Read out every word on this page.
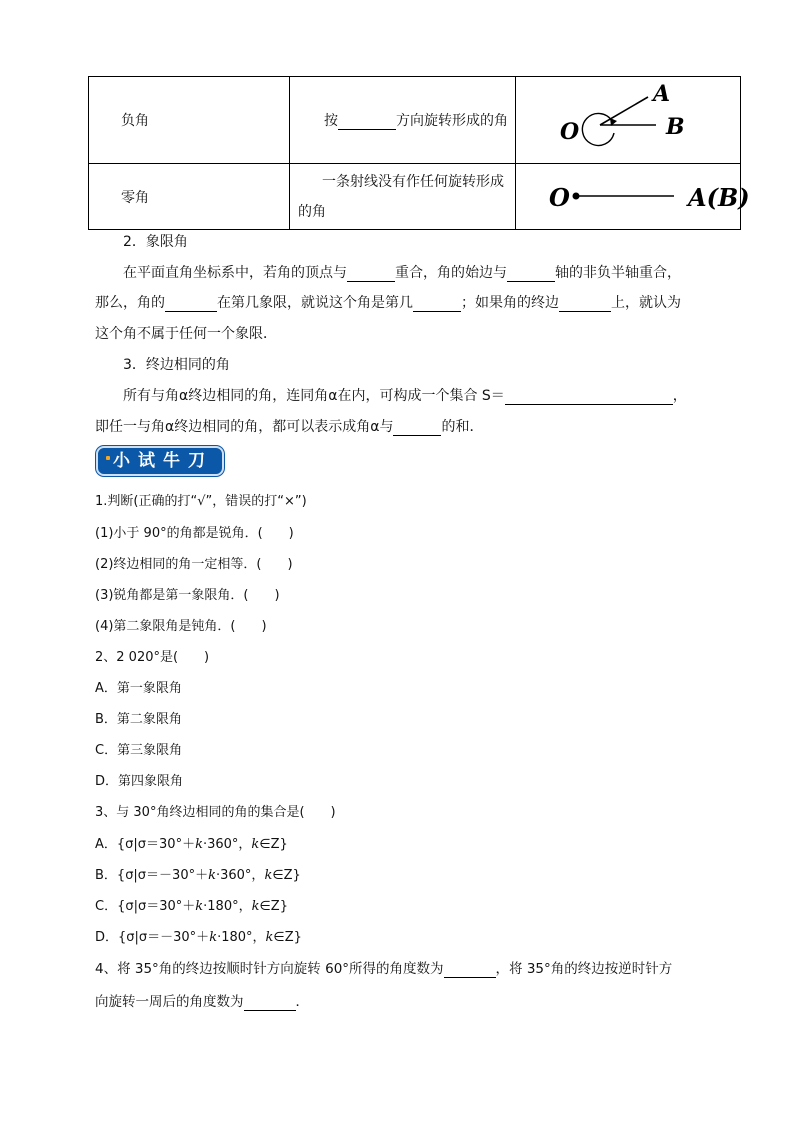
负角	按 方向旋转形成的角	O
A
B

零角	一条射线没有作任何旋转形成的角	O A(B)
2．象限角
在平面直角坐标系中，若角的顶点与	重合，角的始边与	轴的非负半轴重合，
那么，角的	在第几象限，就说这个角是第几	；如果角的终边	上，就认为
这个角不属于任何一个象限．
3．终边相同的角
所有与角α终边相同的角，连同角α在内，可构成一个集合 S＝	，
即任一与角α终边相同的角，都可以表示成角α与	的和．
小试牛刀
1.判断(正确的打“√”，错误的打“×”)
(1)小于 90°的角都是锐角．(　　)
(2)终边相同的角一定相等．(　　)
(3)锐角都是第一象限角．(　　)
(4)第二象限角是钝角．(　　)
2、2 020°是(　　)
A．第一象限角
B．第二象限角
C．第三象限角
D．第四象限角
3、与 30°角终边相同的角的集合是(　　)
A．{σ|σ＝30°＋k·360°，k∈Z}
B．{σ|σ＝－30°＋k·360°，k∈Z}
C．{σ|σ＝30°＋k·180°，k∈Z}
D．{σ|σ＝－30°＋k·180°，k∈Z}
4、将 35°角的终边按顺时针方向旋转 60°所得的角度数为	，将 35°角的终边按逆时针方
向旋转一周后的角度数为	．
